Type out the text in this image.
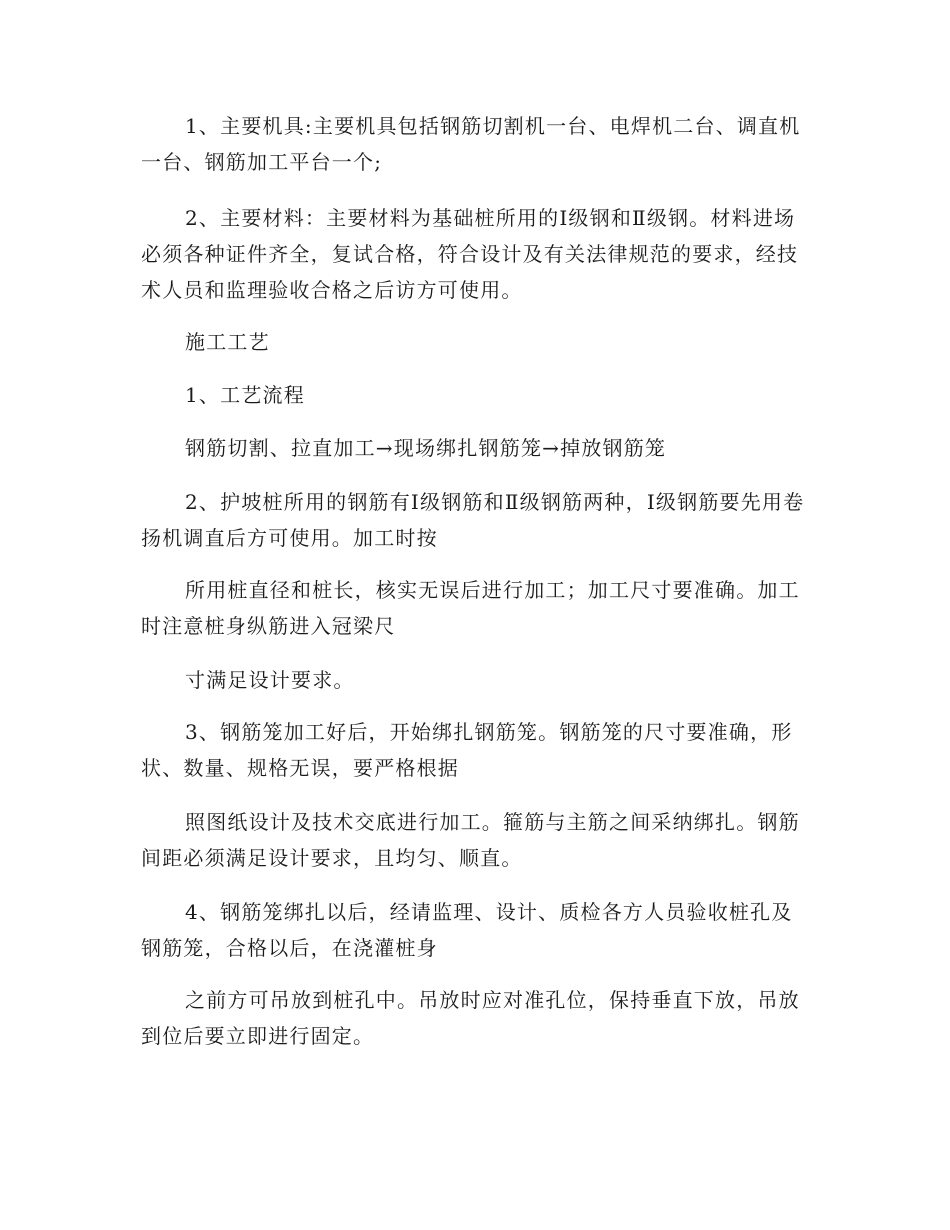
1、主要机具:主要机具包括钢筋切割机一台、电焊机二台、调直机一台、钢筋加工平台一个;

2、主要材料：主要材料为基础桩所用的Ⅰ级钢和Ⅱ级钢。材料进场必须各种证件齐全，复试合格，符合设计及有关法律规范的要求，经技术人员和监理验收合格之后访方可使用。

施工工艺

1、工艺流程

钢筋切割、拉直加工→现场绑扎钢筋笼→掉放钢筋笼

2、护坡桩所用的钢筋有Ⅰ级钢筋和Ⅱ级钢筋两种，Ⅰ级钢筋要先用卷扬机调直后方可使用。加工时按

所用桩直径和桩长，核实无误后进行加工；加工尺寸要准确。加工时注意桩身纵筋进入冠梁尺

寸满足设计要求。

3、钢筋笼加工好后，开始绑扎钢筋笼。钢筋笼的尺寸要准确，形状、数量、规格无误，要严格根据

照图纸设计及技术交底进行加工。箍筋与主筋之间采纳绑扎。钢筋间距必须满足设计要求，且均匀、顺直。

4、钢筋笼绑扎以后，经请监理、设计、质检各方人员验收桩孔及钢筋笼，合格以后，在浇灌桩身

之前方可吊放到桩孔中。吊放时应对准孔位，保持垂直下放，吊放到位后要立即进行固定。
